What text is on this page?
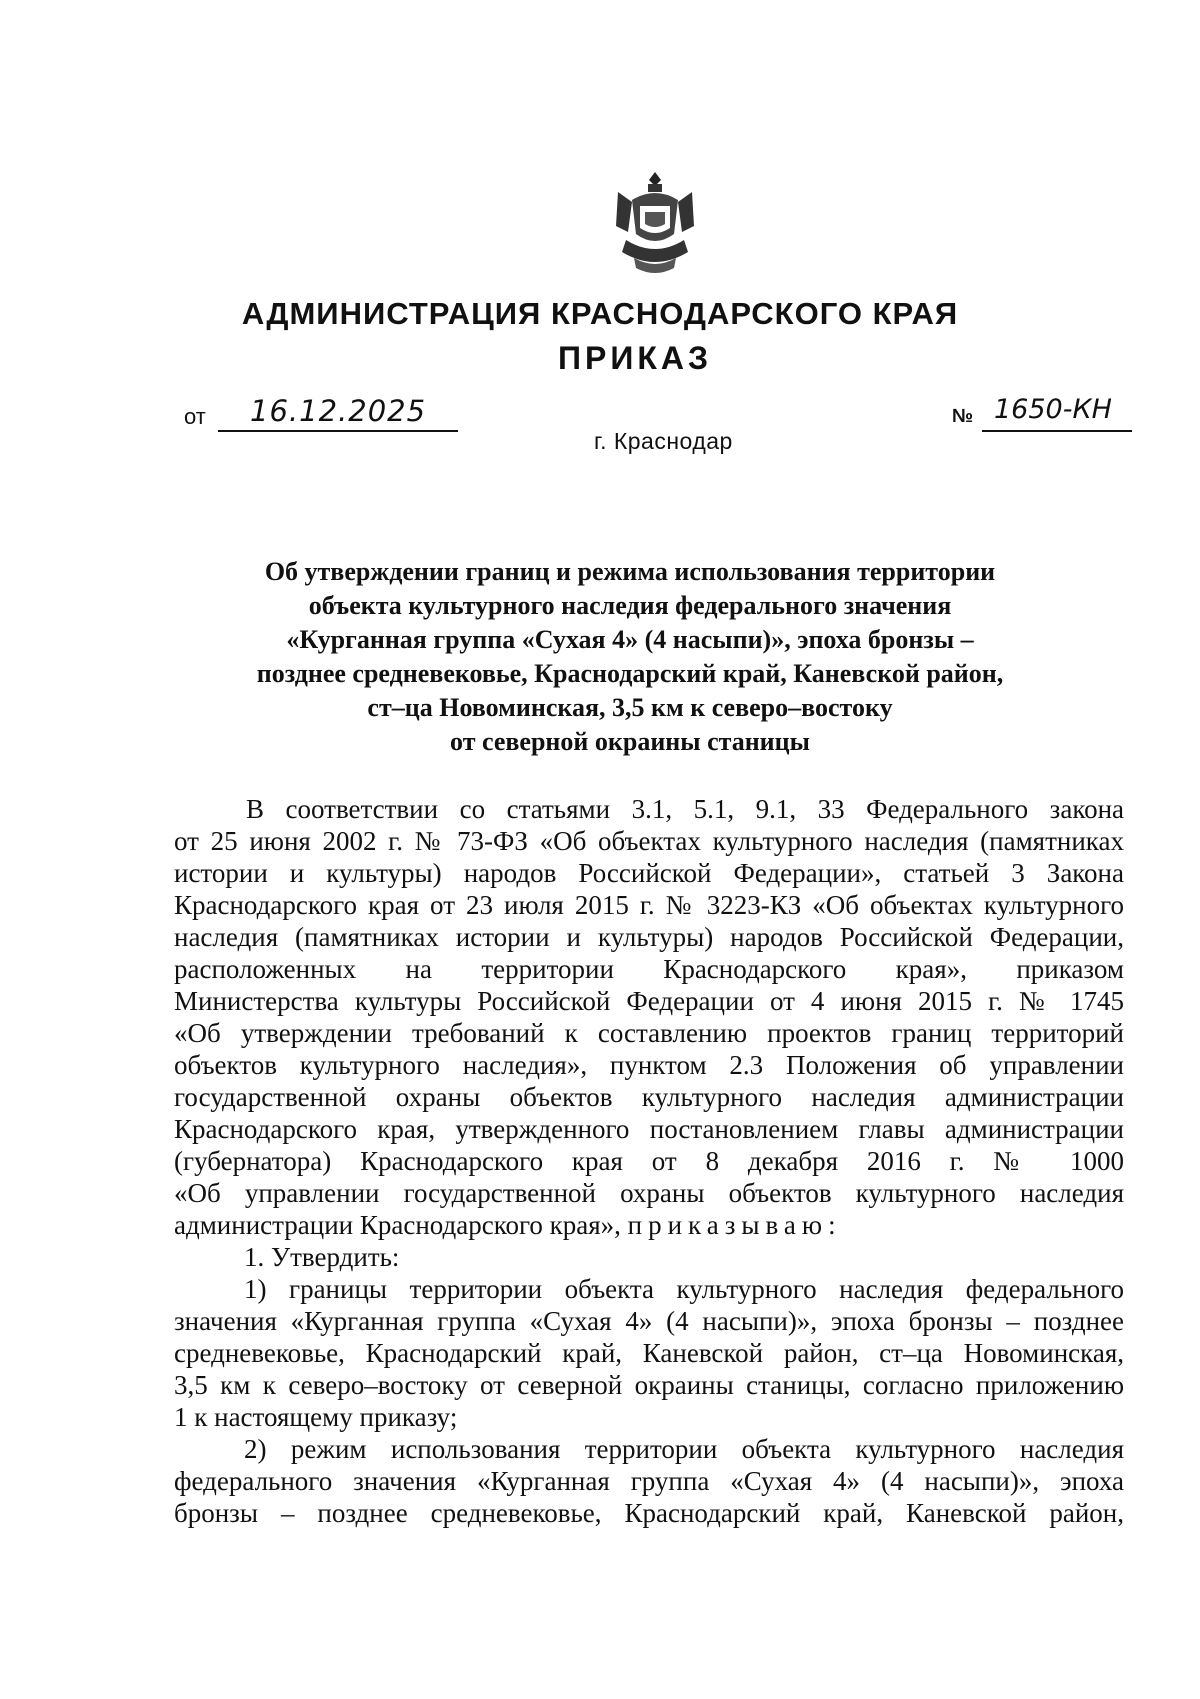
АДМИНИСТРАЦИЯ КРАСНОДАРСКОГО КРАЯ
ПРИКАЗ
от 16.12.2025
г. Краснодар
№ 1650-КН
Об утверждении границ и режима использования территории
объекта культурного наследия федерального значения
«Курганная группа «Сухая 4» (4 насыпи)», эпоха бронзы –
позднее средневековье, Краснодарский край, Каневской район,
ст–ца Новоминская, 3,5 км к северо–востоку
от северной окраины станицы
В соответствии со статьями 3.1, 5.1, 9.1, 33 Федерального закона
от 25 июня 2002 г. № 73-ФЗ «Об объектах культурного наследия (памятниках
истории и культуры) народов Российской Федерации», статьей 3 Закона
Краснодарского края от 23 июля 2015 г. № 3223-КЗ «Об объектах культурного
наследия (памятниках истории и культуры) народов Российской Федерации,
расположенных на территории Краснодарского края», приказом
Министерства культуры Российской Федерации от 4 июня 2015 г. № 1745
«Об утверждении требований к составлению проектов границ территорий
объектов культурного наследия», пунктом 2.3 Положения об управлении
государственной охраны объектов культурного наследия администрации
Краснодарского края, утвержденного постановлением главы администрации
(губернатора) Краснодарского края от 8 декабря 2016 г. № 1000
«Об управлении государственной охраны объектов культурного наследия
администрации Краснодарского края», приказываю:
1. Утвердить:
1) границы территории объекта культурного наследия федерального
значения «Курганная группа «Сухая 4» (4 насыпи)», эпоха бронзы – позднее
средневековье, Краснодарский край, Каневской район, ст–ца Новоминская,
3,5 км к северо–востоку от северной окраины станицы, согласно приложению
1 к настоящему приказу;
2) режим использования территории объекта культурного наследия
федерального значения «Курганная группа «Сухая 4» (4 насыпи)», эпоха
бронзы – позднее средневековье, Краснодарский край, Каневской район,
